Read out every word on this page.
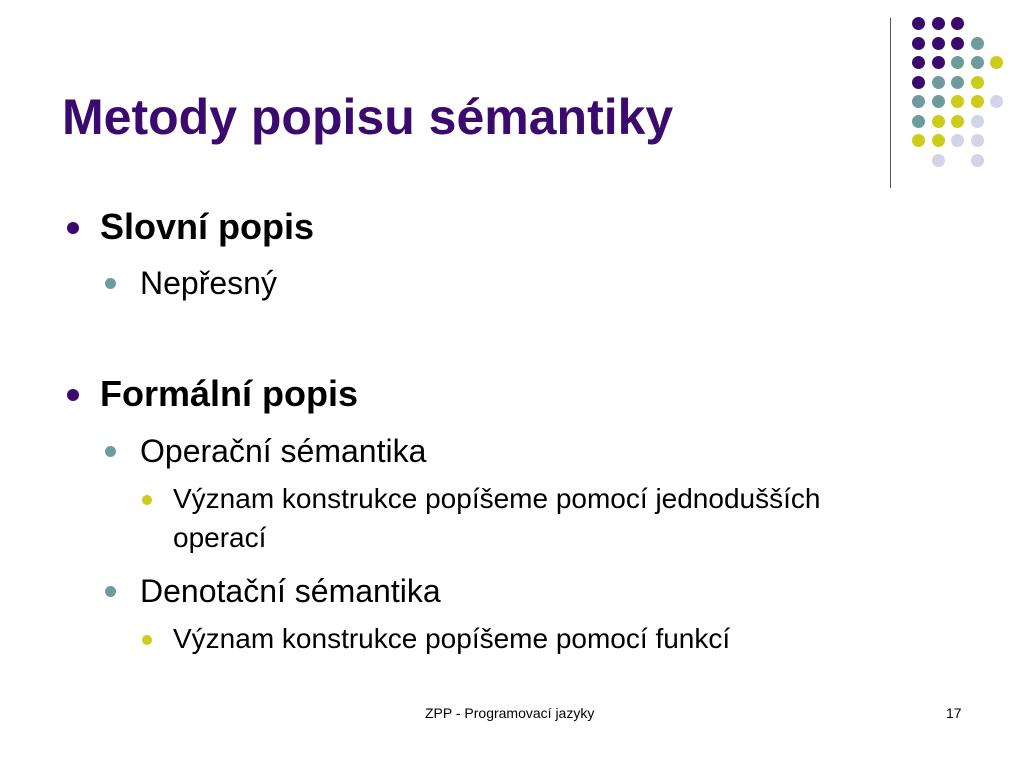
Metody popisu sémantiky
Slovní popis
Nepřesný
Formální popis
Operační sémantika
Význam konstrukce popíšeme pomocí jednodušších
operací
Denotační sémantika
Význam konstrukce popíšeme pomocí funkcí
ZPP - Programovací jazyky	17
